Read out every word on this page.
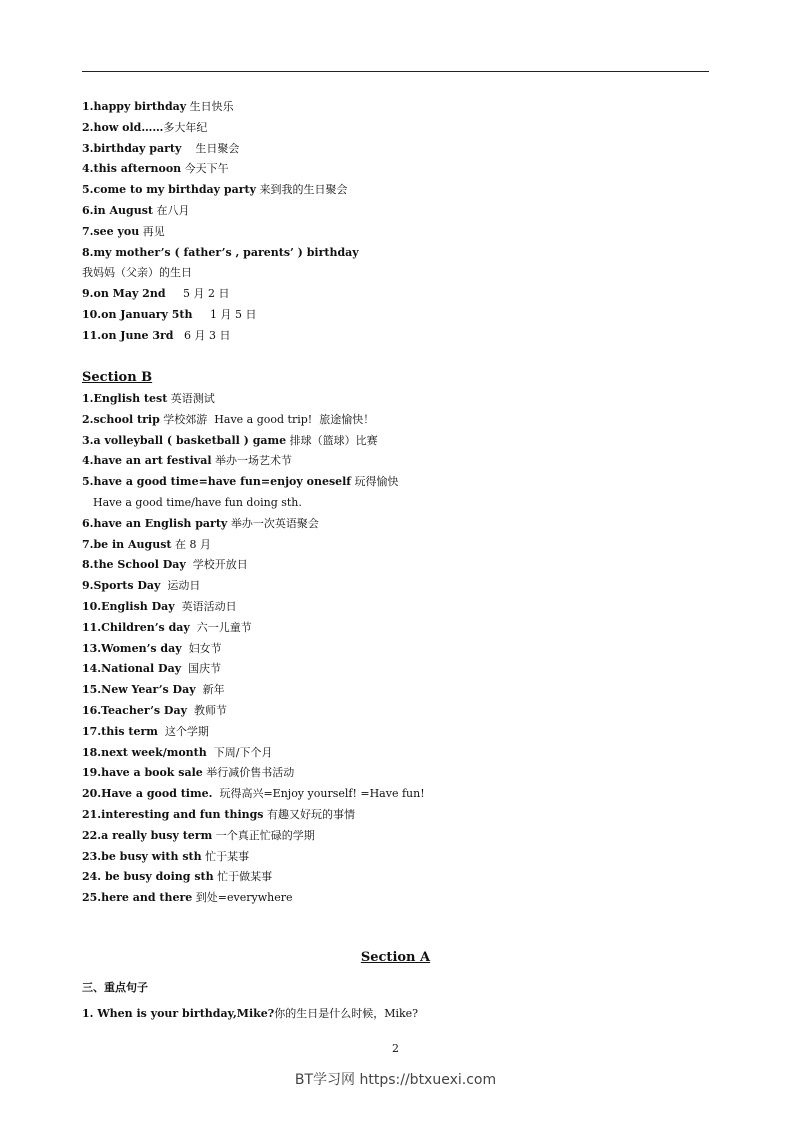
1.happy birthday 生日快乐
2.how old……多大年纪
3.birthday party    生日聚会
4.this afternoon 今天下午
5.come to my birthday party 来到我的生日聚会
6.in August 在八月
7.see you 再见
8.my mother’s ( father’s , parents’ ) birthday
我妈妈（父亲）的生日
9.on May 2nd     5 月 2 日
10.on January 5th     1 月 5 日
11.on June 3rd   6 月 3 日
Section B
1.English test 英语测试
2.school trip 学校郊游  Have a good trip!  旅途愉快！
3.a volleyball ( basketball ) game 排球（篮球）比赛
4.have an art festival 举办一场艺术节
5.have a good time=have fun=enjoy oneself 玩得愉快
Have a good time/have fun doing sth.
6.have an English party 举办一次英语聚会
7.be in August 在 8 月
8.the School Day  学校开放日
9.Sports Day  运动日
10.English Day  英语活动日
11.Children’s day  六一儿童节
13.Women’s day  妇女节
14.National Day  国庆节
15.New Year’s Day  新年
16.Teacher’s Day  教师节
17.this term  这个学期
18.next week/month  下周/下个月
19.have a book sale 举行减价售书活动
20.Have a good time.  玩得高兴=Enjoy yourself! =Have fun!
21.interesting and fun things 有趣又好玩的事情
22.a really busy term 一个真正忙碌的学期
23.be busy with sth 忙于某事
24. be busy doing sth 忙于做某事
25.here and there 到处=everywhere
Section A
三、重点句子
1. When is your birthday,Mike?你的生日是什么时候，Mike?
2
BT学习网 https://btxuexi.com
